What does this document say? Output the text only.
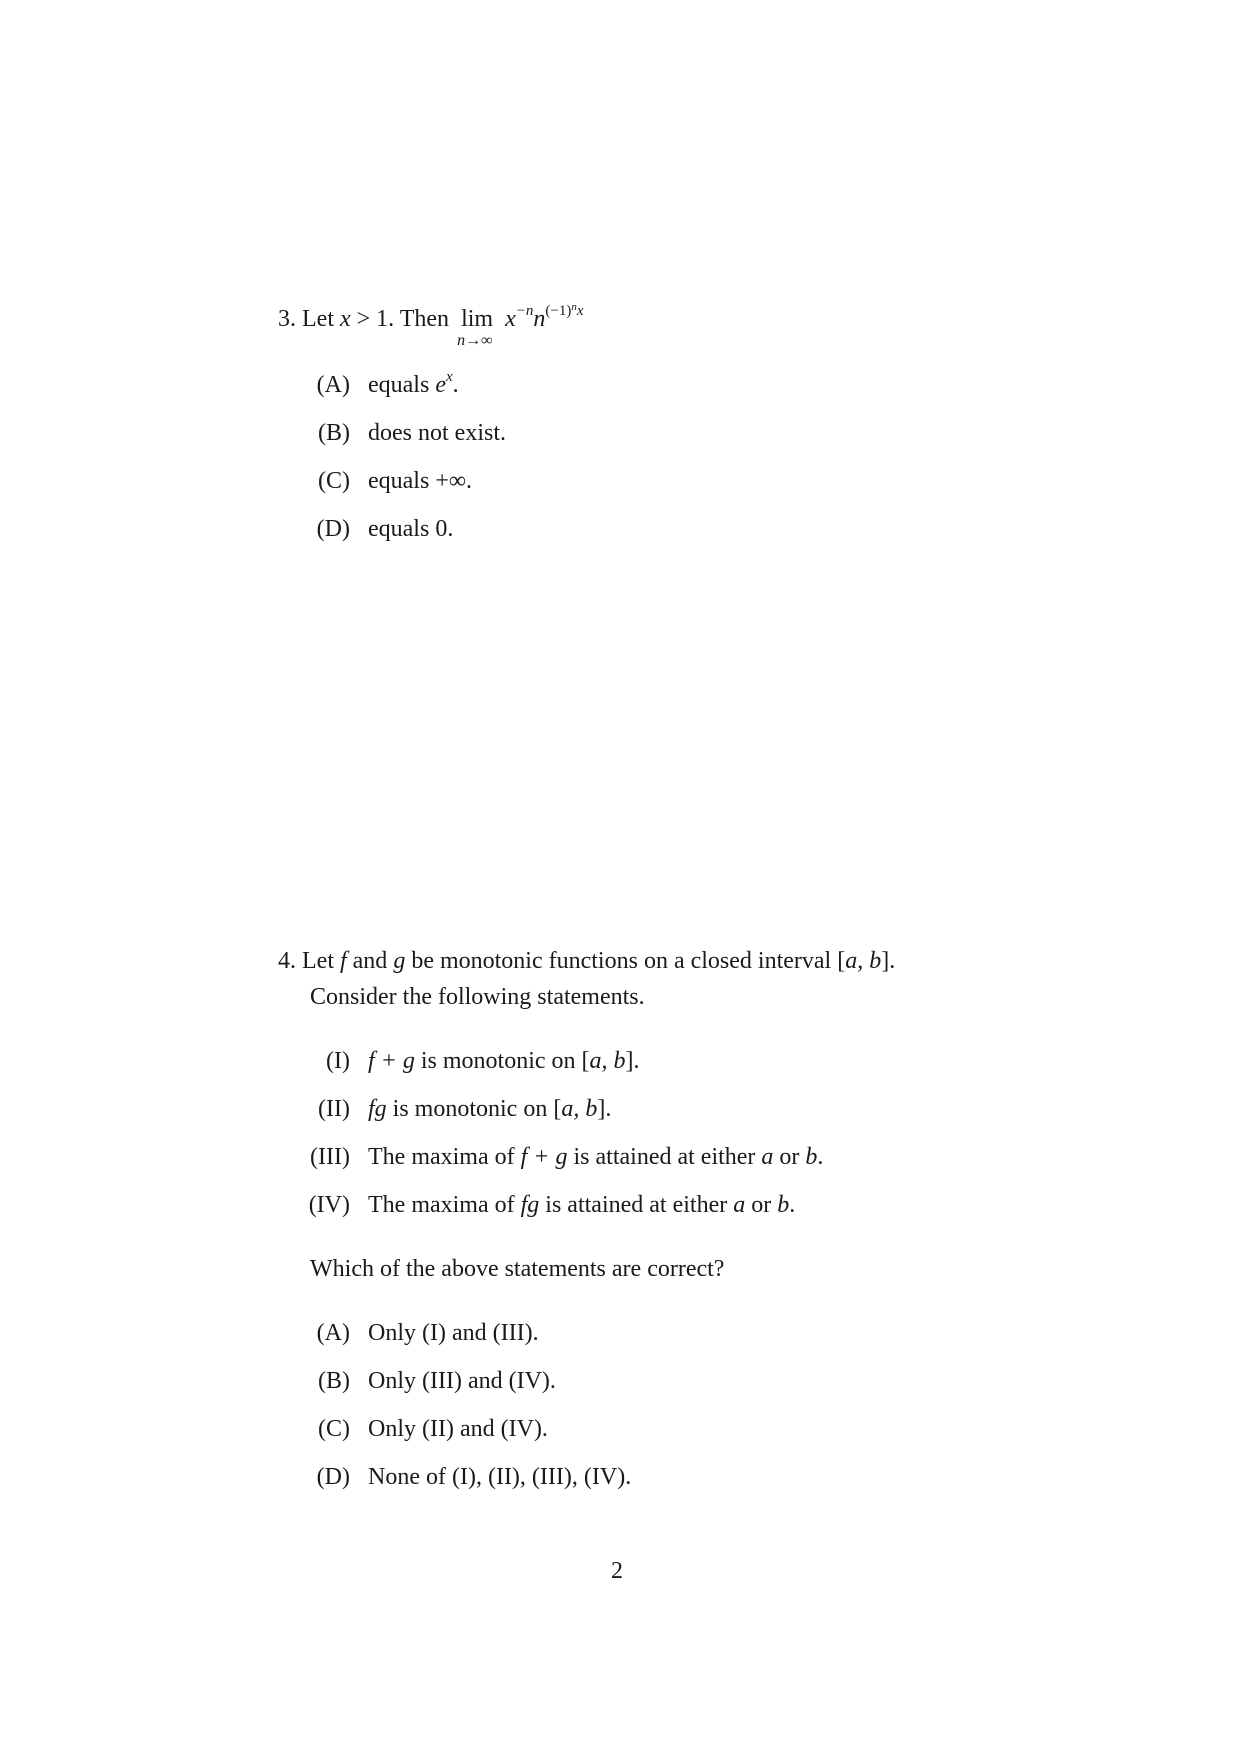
3. Let x > 1. Then lim
n→∞
$x^{-n}n^{(-1)nx}$
(A) equals $e^x$.
(B) does not exist.
(C) equals +∞.
(D) equals 0.
4. Let f and g be monotonic functions on a closed interval [a, b].
Consider the following statements.
(I) f + g is monotonic on [a, b].
(II) fg is monotonic on [a, b].
(III) The maxima of f + g is attained at either a or b.
(IV) The maxima of fg is attained at either a or b.
Which of the above statements are correct?
(A) Only (I) and (III).
(B) Only (III) and (IV).
(C) Only (II) and (IV).
(D) None of (I), (II), (III), (IV).
2
